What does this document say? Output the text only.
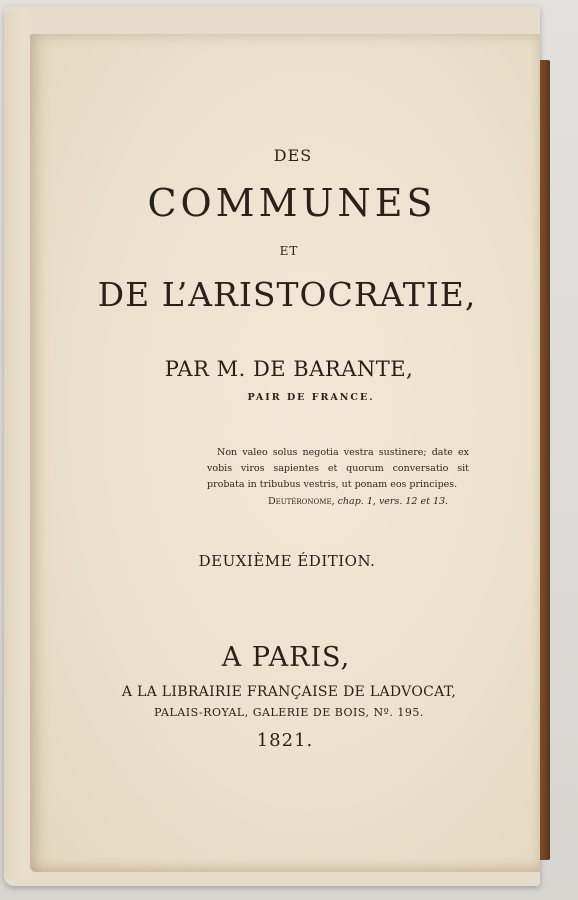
DES
COMMUNES
ET
DE L’ARISTOCRATIE,
PAR M. DE BARANTE,
PAIR DE FRANCE.

Non valeo solus negotia vestra sustinere; date ex vobis viros sapientes et quorum conversatio sit probata in tribubus vestris, ut ponam eos principes.

Deutéronome, chap. 1, vers. 12 et 13.
DEUXIÈME ÉDITION.
A PARIS,
A LA LIBRAIRIE FRANÇAISE DE LADVOCAT,
PALAIS-ROYAL, GALERIE DE BOIS, Nº. 195.
1821.
